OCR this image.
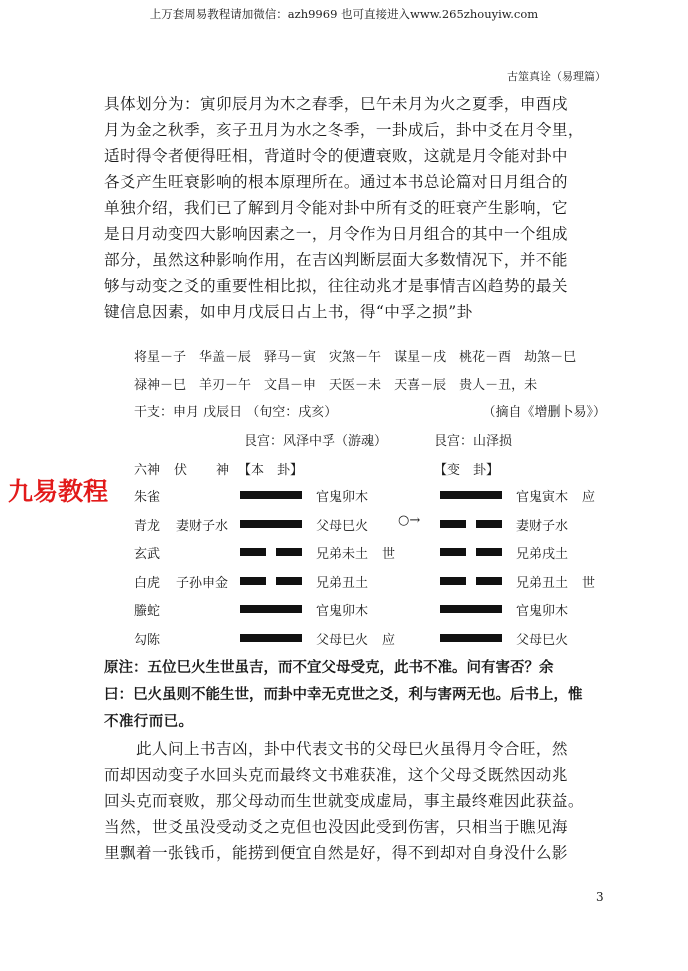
上万套周易教程请加微信：azh9969 也可直接进入www.265zhouyiw.com
古筮真诠（易理篇）
具体划分为：寅卯辰月为木之春季，巳午未月为火之夏季，申酉戌
月为金之秋季，亥子丑月为水之冬季，一卦成后，卦中爻在月令里，
适时得令者便得旺相，背道时令的便遭衰败，这就是月令能对卦中
各爻产生旺衰影响的根本原理所在。通过本书总论篇对日月组合的
单独介绍，我们已了解到月令能对卦中所有爻的旺衰产生影响，它
是日月动变四大影响因素之一，月令作为日月组合的其中一个组成
部分，虽然这种影响作用，在吉凶判断层面大多数情况下，并不能
够与动变之爻的重要性相比拟，往往动兆才是事情吉凶趋势的最关
键信息因素，如申月戊辰日占上书，得“中孚之损”卦
将星－子 华盖－辰 驿马－寅 灾煞－午 谋星－戌 桃花－酉 劫煞－巳
禄神－巳 羊刃－午 文昌－申 天医－未 天喜－辰 贵人－丑，未
干支：申月 戊辰日 （旬空：戌亥）	（摘自《增删卜易》）
艮宫：风泽中孚（游魂）	艮宫：山泽损
六神 伏 神 【本　卦】	【变　卦】
九易教程 朱雀	官鬼卯木	官鬼寅木 应
青龙 妻财子水	父母巳火	妻财子水
玄武	兄弟未土 世	兄弟戌土
白虎 子孙申金	兄弟丑土	兄弟丑土 世
螣蛇	官鬼卯木	官鬼卯木
勾陈	父母巳火 应	父母巳火
○→
原注：五位巳火生世虽吉，而不宜父母受克，此书不准。问有害否？余
曰：巳火虽则不能生世，而卦中幸无克世之爻，利与害两无也。后书上，惟
不准行而已。
此人问上书吉凶，卦中代表文书的父母巳火虽得月令合旺，然
而却因动变子水回头克而最终文书难获准，这个父母爻既然因动兆
回头克而衰败，那父母动而生世就变成虚局，事主最终难因此获益。
当然，世爻虽没受动爻之克但也没因此受到伤害，只相当于瞧见海
里飘着一张钱币，能捞到便宜自然是好，得不到却对自身没什么影
3
